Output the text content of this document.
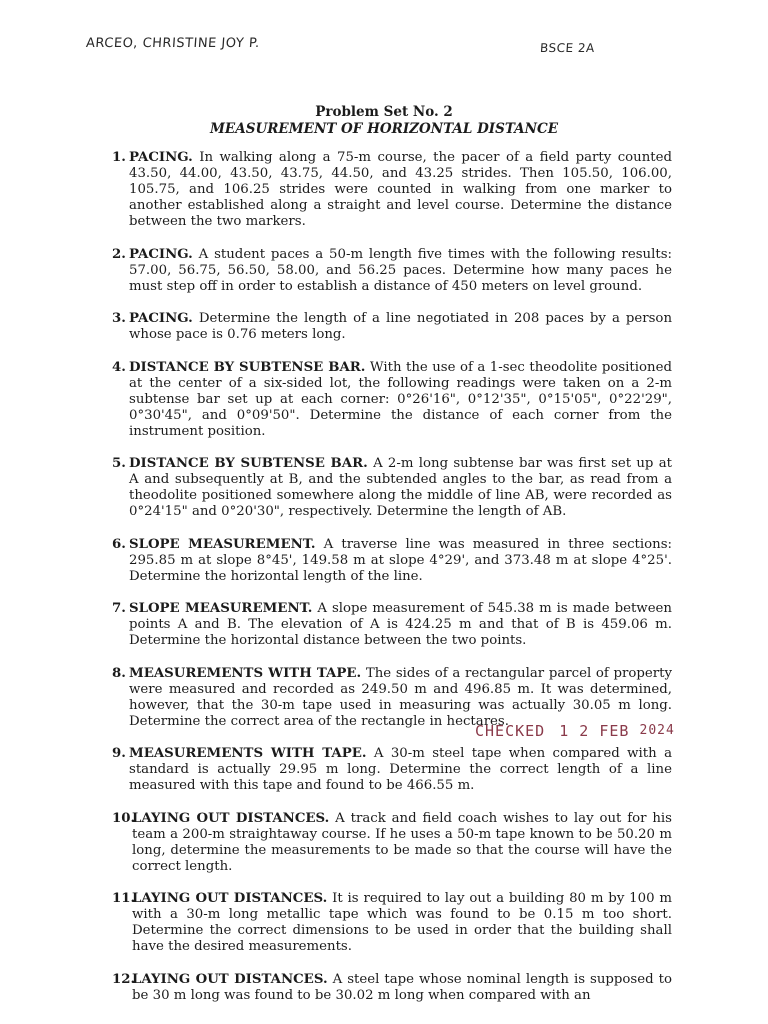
ARCEO, CHRISTINE JOY P.	BSCE 2A
Problem Set No. 2
MEASUREMENT OF HORIZONTAL DISTANCE
1. PACING. In walking along a 75-m course, the pacer of a field party counted 43.50, 44.00, 43.50, 43.75, 44.50, and 43.25 strides. Then 105.50, 106.00, 105.75, and 106.25 strides were counted in walking from one marker to another established along a straight and level course. Determine the distance between the two markers.
2. PACING. A student paces a 50-m length five times with the following results: 57.00, 56.75, 56.50, 58.00, and 56.25 paces. Determine how many paces he must step off in order to establish a distance of 450 meters on level ground.
3. PACING. Determine the length of a line negotiated in 208 paces by a person whose pace is 0.76 meters long.
4. DISTANCE BY SUBTENSE BAR. With the use of a 1-sec theodolite positioned at the center of a six-sided lot, the following readings were taken on a 2-m subtense bar set up at each corner: 0°26'16", 0°12'35", 0°15'05", 0°22'29", 0°30'45", and 0°09'50". Determine the distance of each corner from the instrument position.
5. DISTANCE BY SUBTENSE BAR. A 2-m long subtense bar was first set up at A and subsequently at B, and the subtended angles to the bar, as read from a theodolite positioned somewhere along the middle of line AB, were recorded as 0°24'15" and 0°20'30", respectively. Determine the length of AB.
6. SLOPE MEASUREMENT. A traverse line was measured in three sections: 295.85 m at slope 8°45', 149.58 m at slope 4°29', and 373.48 m at slope 4°25'. Determine the horizontal length of the line.
7. SLOPE MEASUREMENT. A slope measurement of 545.38 m is made between points A and B. The elevation of A is 424.25 m and that of B is 459.06 m. Determine the horizontal distance between the two points.
8. MEASUREMENTS WITH TAPE. The sides of a rectangular parcel of property were measured and recorded as 249.50 m and 496.85 m. It was determined, however, that the 30-m tape used in measuring was actually 30.05 m long. Determine the correct area of the rectangle in hectares.
9. MEASUREMENTS WITH TAPE. A 30-m steel tape when compared with a standard is actually 29.95 m long. Determine the correct length of a line measured with this tape and found to be 466.55 m.
10.
LAYING OUT DISTANCES. A track and field coach wishes to lay out for his team a 200-m straightaway course. If he uses a 50-m tape known to be 50.20 m long, determine the measurements to be made so that the course will have the correct length.
11.
LAYING OUT DISTANCES. It is required to lay out a building 80 m by 100 m with a 30-m long metallic tape which was found to be 0.15 m too short. Determine the correct dimensions to be used in order that the building shall have the desired measurements.
12.
LAYING OUT DISTANCES. A steel tape whose nominal length is supposed to be 30 m long was found to be 30.02 m long when compared with an
CHECKED 1 2 FEB 2024
